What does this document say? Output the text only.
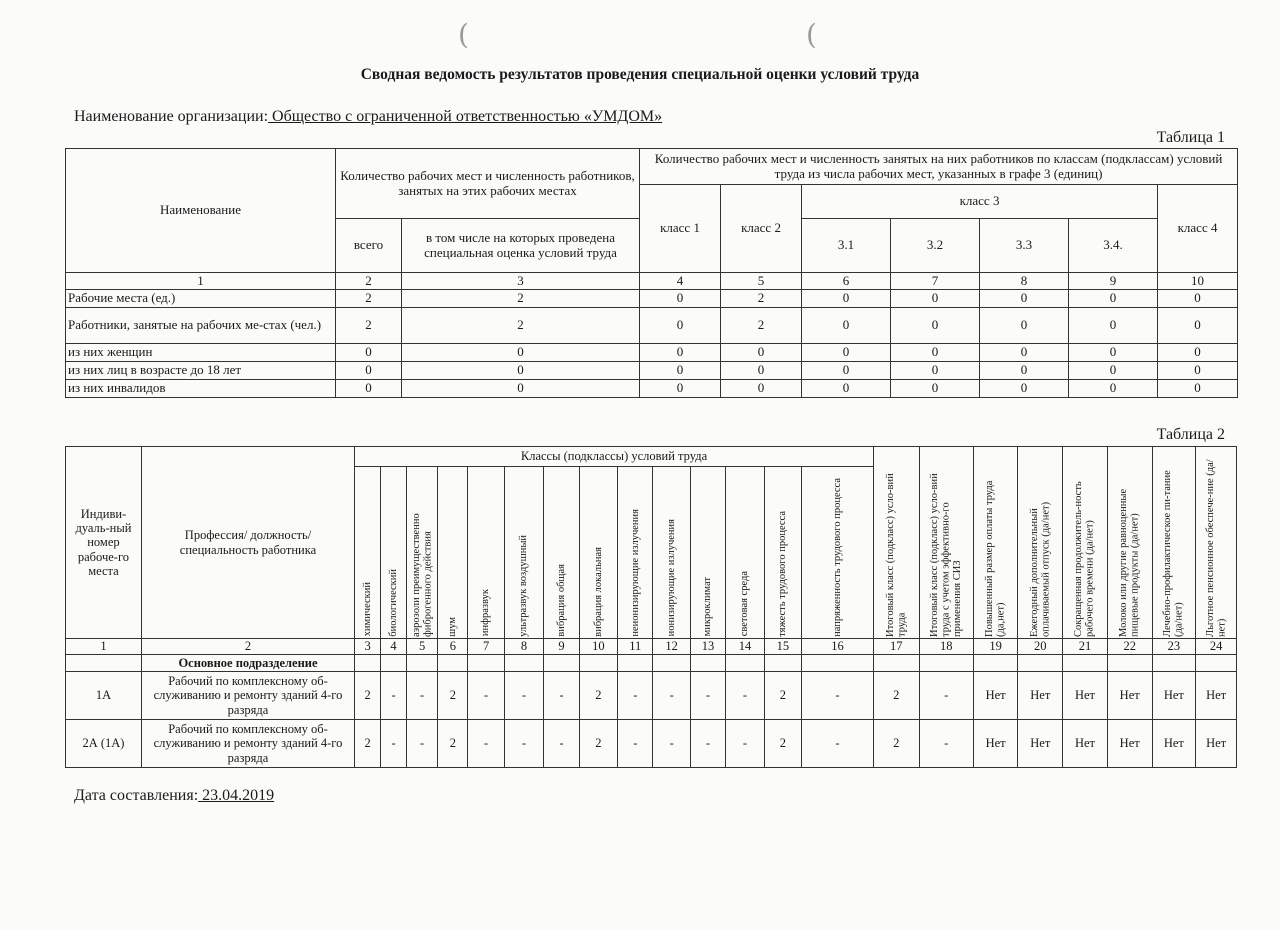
(	(
Сводная ведомость результатов проведения специальной оценки условий труда
Наименование организации: Общество с ограниченной ответственностью «УМДОМ»
Таблица 1
Наименование	Количество рабочих мест и численность работников, занятых на этих рабочих местах		Количество рабочих мест и численность занятых на них работников по классам (подклассам) условий труда из числа рабочих мест, указанных в графе 3 (единиц)						
			класс 1	класс 2	класс 3				класс 4
	всего	в том числе на которых проведена специальная оценка условий труда			3.1	3.2	3.3	3.4.	
1	2	3	4	5	6	7	8	9	10
Рабочие места (ед.)	2	2	0	2	0	0	0	0	0
Работники, занятые на рабочих ме-стах (чел.)	2	2	0	2	0	0	0	0	0
из них женщин	0	0	0	0	0	0	0	0	0
из них лиц в возрасте до 18 лет	0	0	0	0	0	0	0	0	0
из них инвалидов	0	0	0	0	0	0	0	0	0
Таблица 2
Индиви-дуаль-ный номер рабоче-го места	Профессия/ должность/ специальность работника	Классы (подклассы) условий труда														Итоговый класс (подкласс) усло-вий труда	Итоговый класс (подкласс) усло-вий труда с учетом эффективно-го применения СИЗ	Повышенный размер оплаты труда (да,нет)	Ежегодный дополнительный оплачиваемый отпуск (да/нет)	Сокращенная продолжитель-ность рабочего времени (да/нет)	Молоко или другие равноценные пищевые продукты (да/нет)	Лечебно-профилактическое пи-тание (да/нет)	Льготное пенсионное обеспече-ние (да/нет)

		химический	биологический	аэрозоли преимущественно фиброгенного действия	шум	инфразвук	ультразвук воздушный	вибрация общая	вибрация локальная	неионизирующие излучения	ионизирующие излучения	микроклимат	световая среда	тяжесть трудового процесса	напряженность трудового процесса								

1	2	3	4	5	6	7	8	9	10	11	12	13	14	15	16	17	18	19	20	21	22	23	24
	Основное подразделение																						
1А	Рабочий по комплексному об-служиванию и ремонту зданий 4-го разряда	2	-	-	2	-	-	-	2	-	-	-	-	2	-	2	-	Нет	Нет	Нет	Нет	Нет	Нет
2А (1А)	Рабочий по комплексному об-служиванию и ремонту зданий 4-го разряда	2	-	-	2	-	-	-	2	-	-	-	-	2	-	2	-	Нет	Нет	Нет	Нет	Нет	Нет
Дата составления: 23.04.2019
